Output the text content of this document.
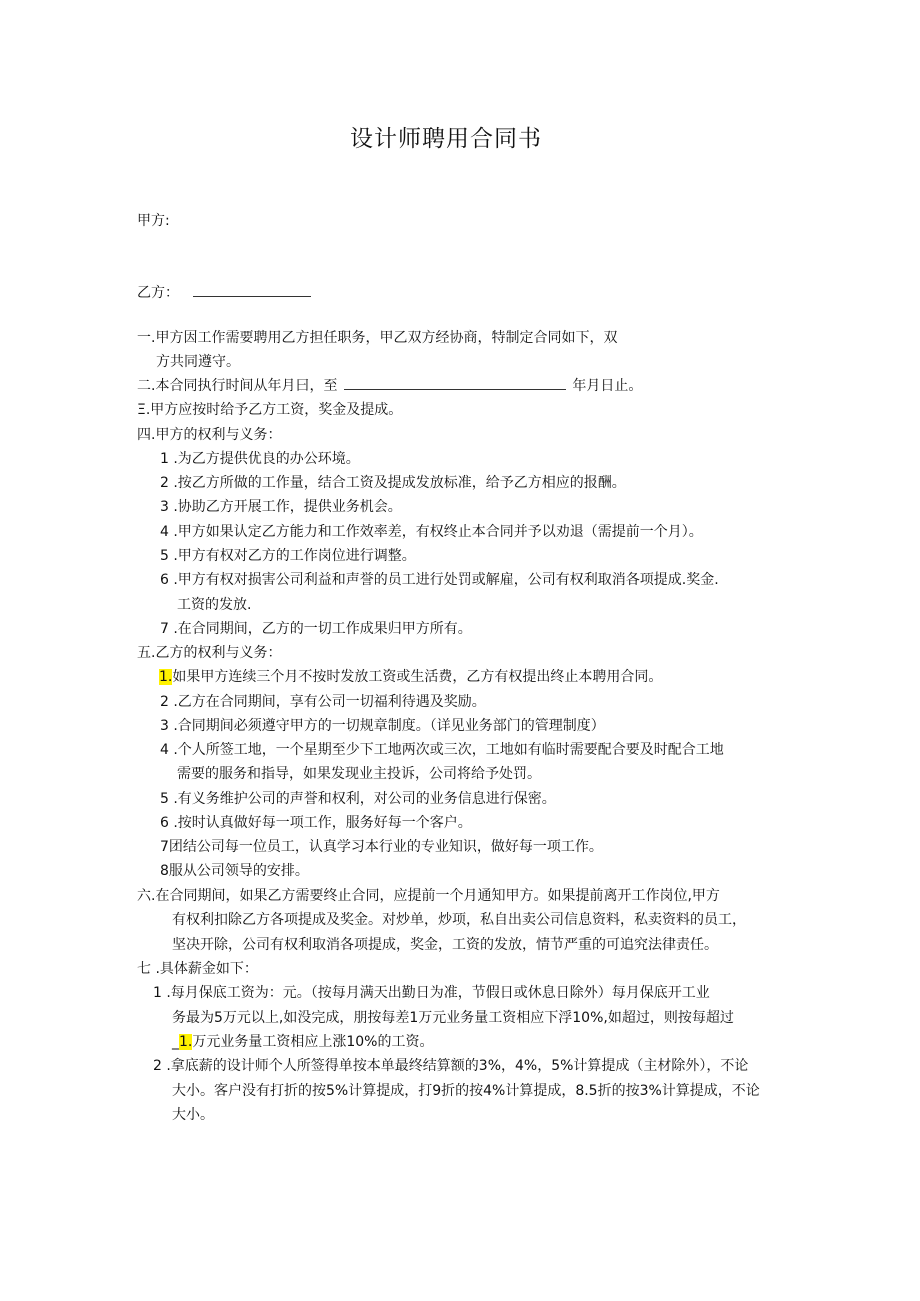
设计师聘用合同书
甲方:
乙方：
一.甲方因工作需要聘用乙方担任职务，甲乙双方经协商，特制定合同如下，双
方共同遵守。
二.本合同执行时间从年月曰，至	年月日止。
Ξ.甲方应按时给予乙方工资，奖金及提成。
四.甲方的权利与义务：
1 .为乙方提供优良的办公环境。
2 .按乙方所做的工作量，结合工资及提成发放标准，给予乙方相应的报酬。
3 .协助乙方开展工作，提供业务机会。
4 .甲方如果认定乙方能力和工作效率差，有权终止本合同并予以劝退（需提前一个月）。
5 .甲方有权对乙方的工作岗位进行调整。
6 .甲方有权对损害公司利益和声誉的员工进行处罚或解雇，公司有权利取消各项提成.奖金.
工资的发放.
7 .在合同期间，乙方的一切工作成果归甲方所有。
五.乙方的权利与义务：
1.如果甲方连续三个月不按时发放工资或生活费，乙方有权提出终止本聘用合同。
2 .乙方在合同期间，享有公司一切福利待遇及奖励。
3 .合同期间必须遵守甲方的一切规章制度。（详见业务部门的管理制度）
4 .个人所签工地，一个星期至少下工地两次或三次，工地如有临时需要配合要及时配合工地
需要的服务和指导，如果发现业主投诉，公司将给予处罚。
5 .有义务维护公司的声誉和权利，对公司的业务信息进行保密。
6 .按时认真做好每一项工作，服务好每一个客户。
7团结公司每一位员工，认真学习本行业的专业知识，做好每一项工作。
8服从公司领导的安排。
六.在合同期间，如果乙方需要终止合同，应提前一个月通知甲方。如果提前离开工作岗位,甲方
有权利扣除乙方各项提成及奖金。对炒单，炒项，私自出卖公司信息资料，私卖资料的员工，
坚决开除，公司有权利取消各项提成，奖金，工资的发放，情节严重的可追究法律责任。
七 .具体薪金如下：
1 .每月保底工资为：元。（按每月满天出勤日为准，节假日或休息日除外）每月保底开工业
务最为5万元以上,如没完成，朋按每差1万元业务量工资相应下浮10%,如超过，则按每超过
_1.万元业务量工资相应上涨10%的工资。
2 .拿底薪的设计师个人所签得单按本单最终结算额的3%，4%，5%计算提成（主材除外），不论
大小。客户没有打折的按5%计算提成，打9折的按4%计算提成，8.5折的按3%计算提成，不论
大小。
